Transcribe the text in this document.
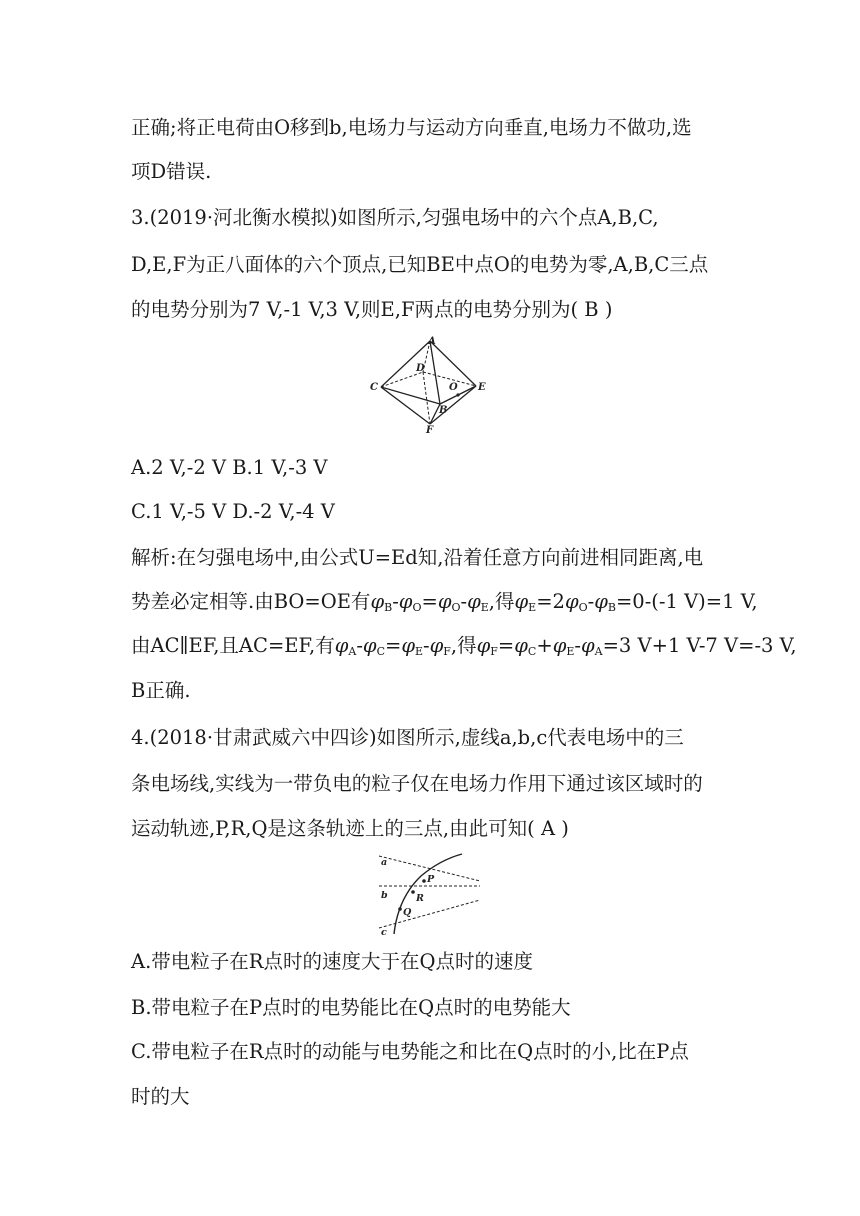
正确;将正电荷由O移到b,电场力与运动方向垂直,电场力不做功,选
项D错误.
3.(2019·河北衡水模拟)如图所示,匀强电场中的六个点A,B,C,
D,E,F为正八面体的六个顶点,已知BE中点O的电势为零,A,B,C三点
的电势分别为7 V,-1 V,3 V,则E,F两点的电势分别为( B )
A
B
C
D
E
F
O
A.2 V,-2 V B.1 V,-3 V
C.1 V,-5 V D.-2 V,-4 V
解析:在匀强电场中,由公式U=Ed知,沿着任意方向前进相同距离,电
势差必定相等.由BO=OE有$\varphi_B-\varphi_O=\varphi_O-\varphi_E$,得$\varphi_E=2\varphi_O-\varphi_B=0-(-1$ V)=1 V,
由AC∥EF,且AC=EF,有$\varphi_A-\varphi_C=\varphi_E-\varphi_F$,得$\varphi_F=\varphi_C+\varphi_E-\varphi_A=3$ V+1 V-7 V=-3 V,
B正确.
4.(2018·甘肃武威六中四诊)如图所示,虚线a,b,c代表电场中的三
条电场线,实线为一带负电的粒子仅在电场力作用下通过该区域时的
运动轨迹,P,R,Q是这条轨迹上的三点,由此可知( A )
a
b
c
P
R
Q
A.带电粒子在R点时的速度大于在Q点时的速度
B.带电粒子在P点时的电势能比在Q点时的电势能大
C.带电粒子在R点时的动能与电势能之和比在Q点时的小,比在P点
时的大
